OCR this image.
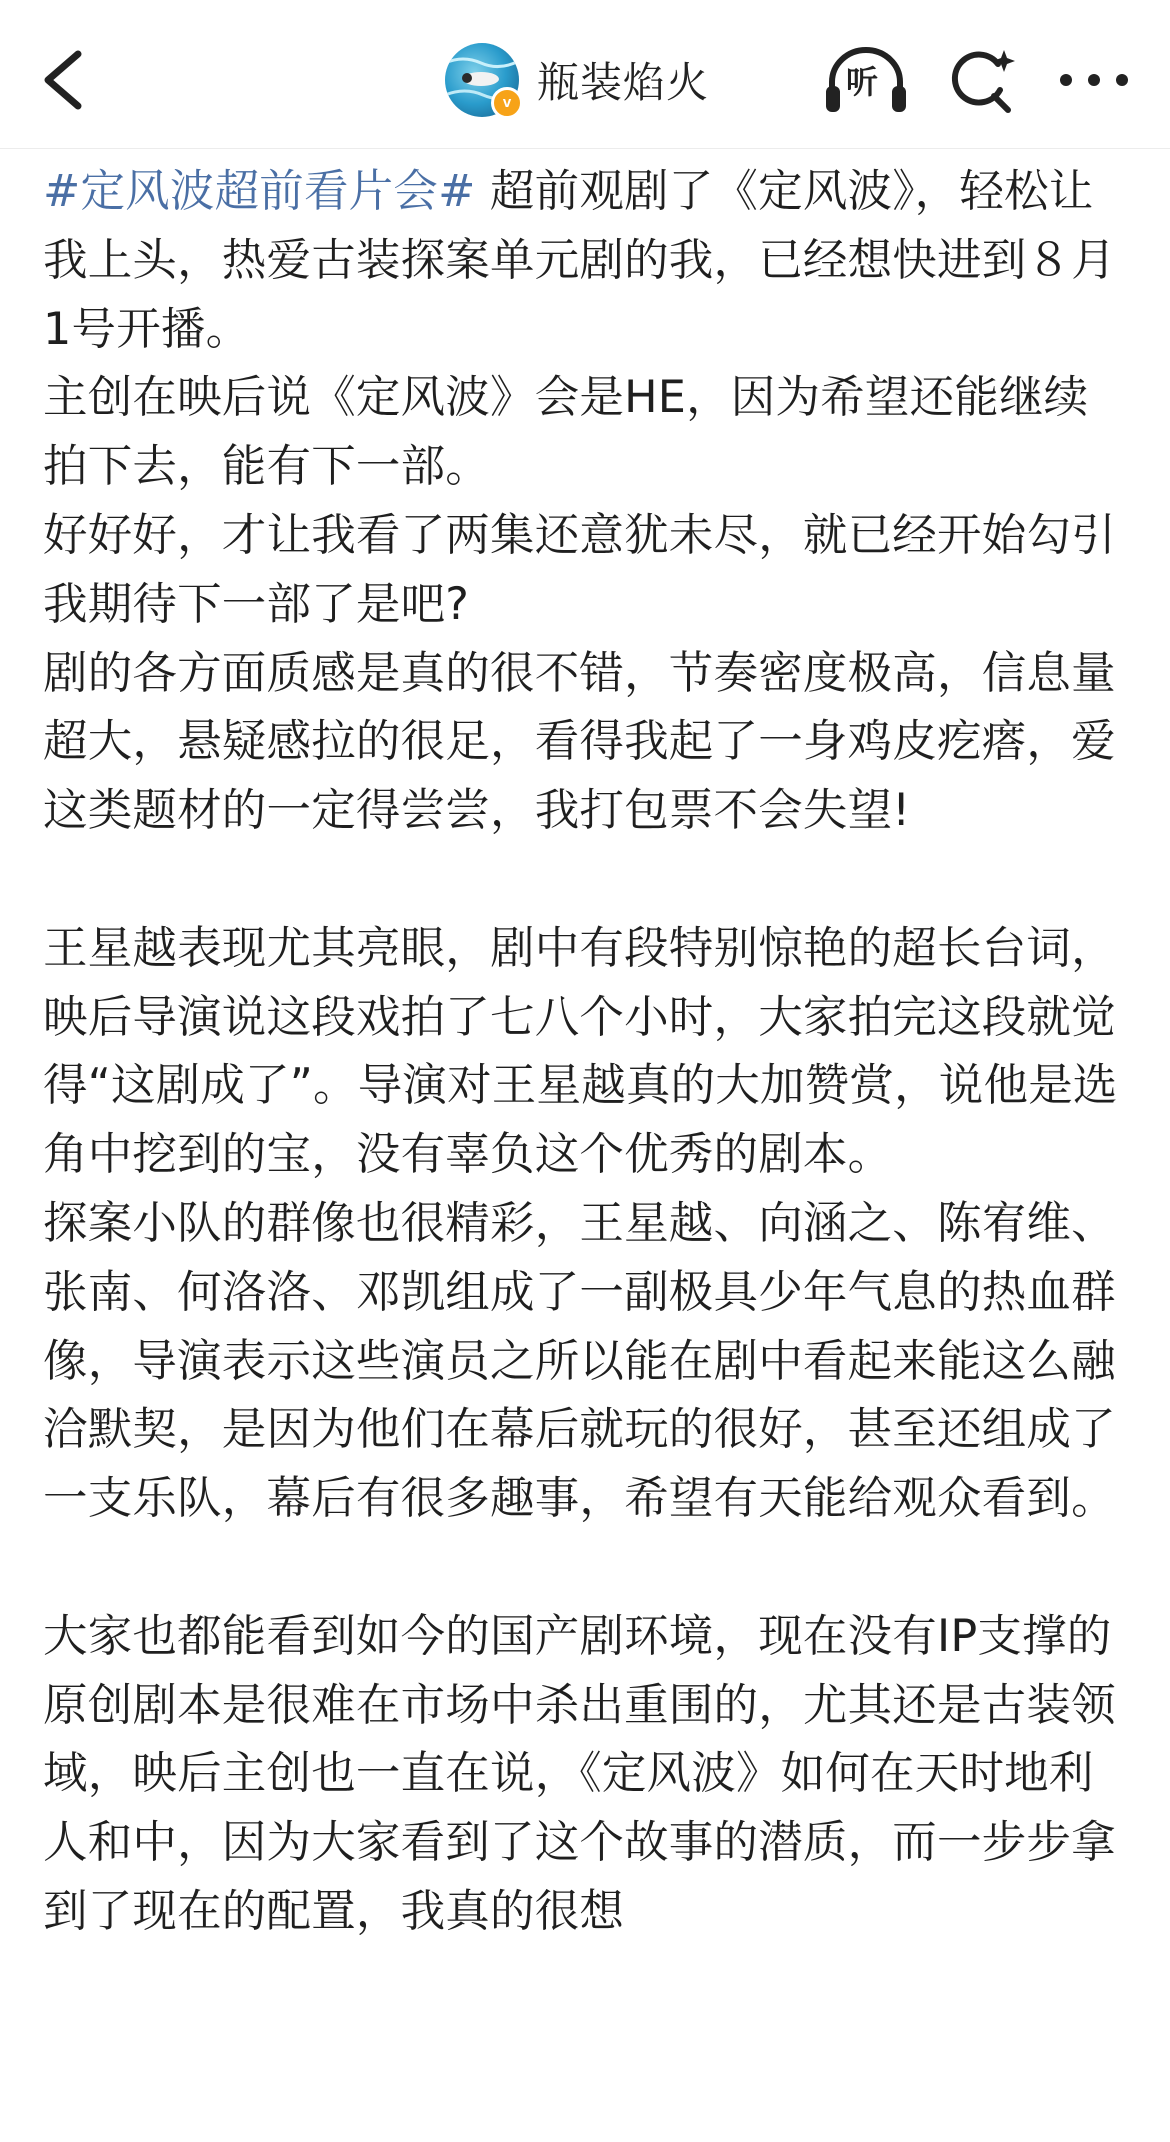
v 瓶装焰火	听

#定风波超前看片会# 超前观剧了《定风波》，轻松让我上头，热爱古装探案单元剧的我，已经想快进到８月1号开播。

主创在映后说《定风波》会是HE，因为希望还能继续拍下去，能有下一部。

好好好，才让我看了两集还意犹未尽，就已经开始勾引我期待下一部了是吧?

剧的各方面质感是真的很不错，节奏密度极高，信息量超大，悬疑感拉的很足，看得我起了一身鸡皮疙瘩，爱这类题材的一定得尝尝，我打包票不会失望!

王星越表现尤其亮眼，剧中有段特别惊艳的超长台词，映后导演说这段戏拍了七八个小时，大家拍完这段就觉得“这剧成了”。导演对王星越真的大加赞赏，说他是选角中挖到的宝，没有辜负这个优秀的剧本。

探案小队的群像也很精彩，王星越、向涵之、陈宥维、张南、何洛洛、邓凯组成了一副极具少年气息的热血群像，导演表示这些演员之所以能在剧中看起来能这么融洽默契，是因为他们在幕后就玩的很好，甚至还组成了一支乐队，幕后有很多趣事，希望有天能给观众看到。

大家也都能看到如今的国产剧环境，现在没有IP支撑的原创剧本是很难在市场中杀出重围的，尤其还是古装领域，映后主创也一直在说，《定风波》如何在天时地利人和中，因为大家看到了这个故事的潜质，而一步步拿到了现在的配置，我真的很想
